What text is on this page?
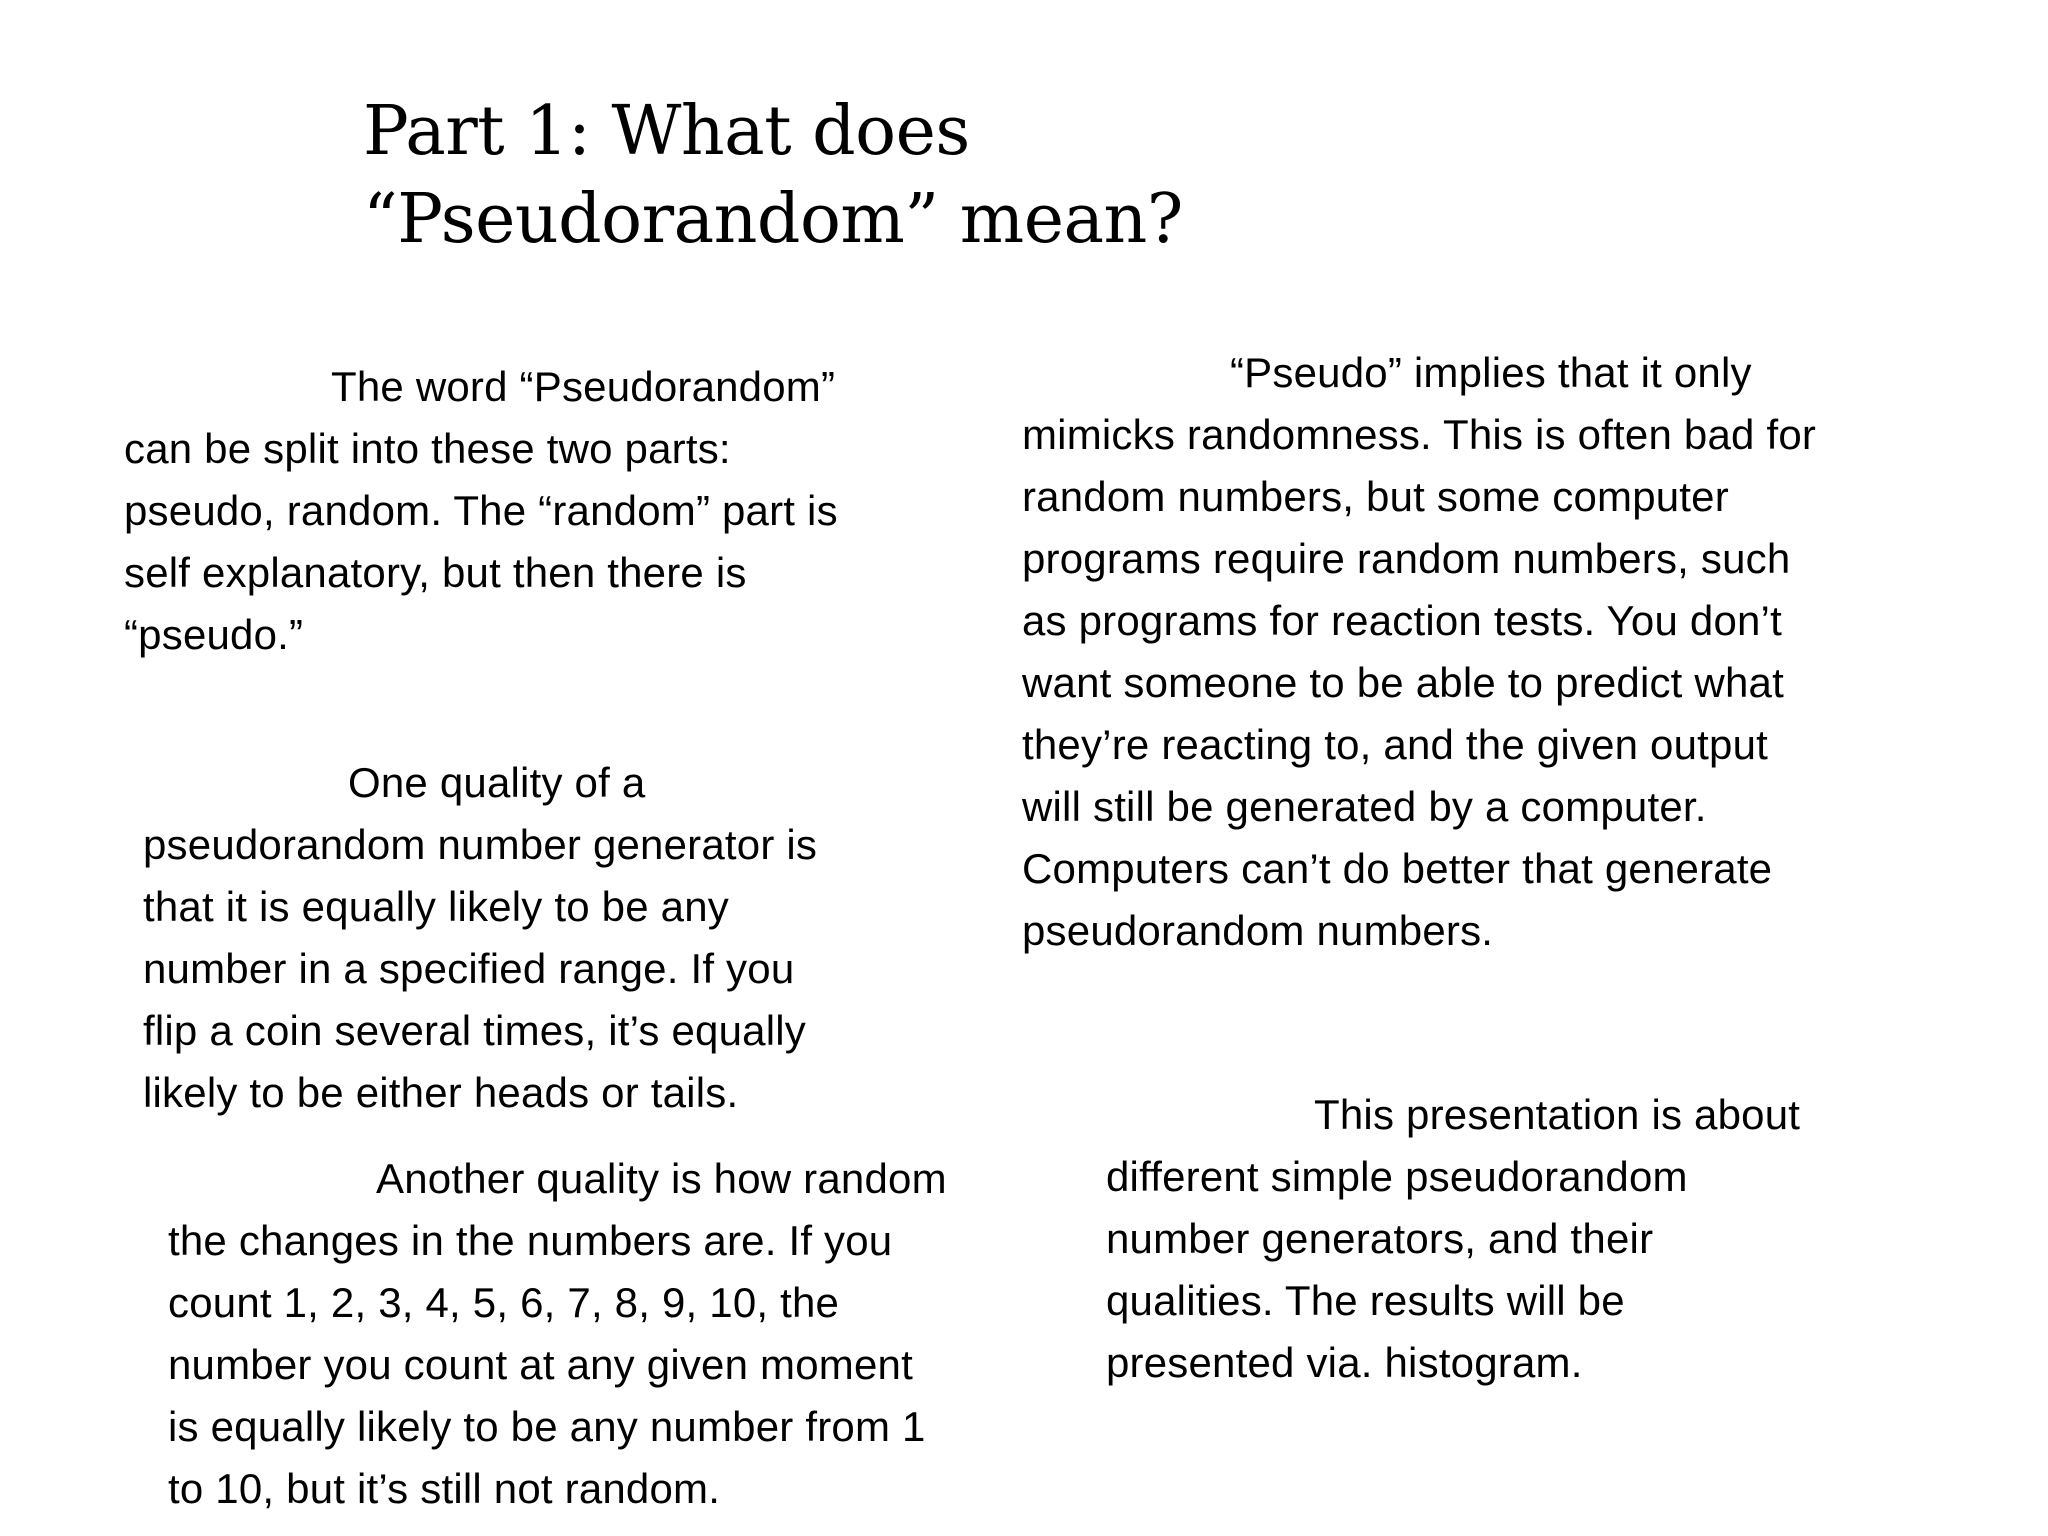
Part 1: What does
“Pseudorandom” mean?
The word “Pseudorandom”
can be split into these two parts:
pseudo, random. The “random” part is
self explanatory, but then there is
“pseudo.”
One quality of a
pseudorandom number generator is
that it is equally likely to be any
number in a specified range. If you
flip a coin several times, it’s equally
likely to be either heads or tails.
Another quality is how random
the changes in the numbers are. If you
count 1, 2, 3, 4, 5, 6, 7, 8, 9, 10, the
number you count at any given moment
is equally likely to be any number from 1
to 10, but it’s still not random.
“Pseudo” implies that it only
mimicks randomness. This is often bad for
random numbers, but some computer
programs require random numbers, such
as programs for reaction tests. You don’t
want someone to be able to predict what
they’re reacting to, and the given output
will still be generated by a computer.
Computers can’t do better that generate
pseudorandom numbers.
This presentation is about
different simple pseudorandom
number generators, and their
qualities. The results will be
presented via. histogram.
